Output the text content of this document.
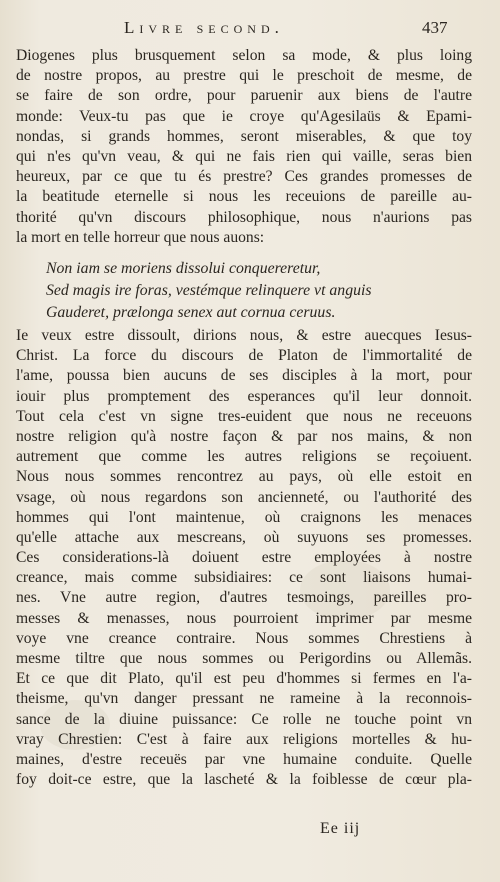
Livre second.	437
Diogenes plus brusquement selon sa mode, & plus loing
de nostre propos, au prestre qui le preschoit de mesme, de
se faire de son ordre, pour paruenir aux biens de l'autre
monde: Veux-tu pas que ie croye qu'Agesilaüs & Epami-
nondas, si grands hommes, seront miserables, & que toy
qui n'es qu'vn veau, & qui ne fais rien qui vaille, seras bien
heureux, par ce que tu és prestre? Ces grandes promesses de
la beatitude eternelle si nous les receuions de pareille au-
thorité qu'vn discours philosophique, nous n'aurions pas
la mort en telle horreur que nous auons:
Non iam se moriens dissolui conquereretur,
Sed magis ire foras, vestémque relinquere vt anguis
Gauderet, prælonga senex aut cornua ceruus.
Ie veux estre dissoult, dirions nous, & estre auecques Iesus-
Christ. La force du discours de Platon de l'immortalité de
l'ame, poussa bien aucuns de ses disciples à la mort, pour
iouir plus promptement des esperances qu'il leur donnoit.
Tout cela c'est vn signe tres-euident que nous ne receuons
nostre religion qu'à nostre façon & par nos mains, & non
autrement que comme les autres religions se reçoiuent.
Nous nous sommes rencontrez au pays, où elle estoit en
vsage, où nous regardons son ancienneté, ou l'authorité des
hommes qui l'ont maintenue, où craignons les menaces
qu'elle attache aux mescreans, où suyuons ses promesses.
Ces considerations-là doiuent estre employées à nostre
creance, mais comme subsidiaires: ce sont liaisons humai-
nes. Vne autre region, d'autres tesmoings, pareilles pro-
messes & menasses, nous pourroient imprimer par mesme
voye vne creance contraire. Nous sommes Chrestiens à
mesme tiltre que nous sommes ou Perigordins ou Allemãs.
Et ce que dit Plato, qu'il est peu d'hommes si fermes en l'a-
theisme, qu'vn danger pressant ne rameine à la reconnois-
sance de la diuine puissance: Ce rolle ne touche point vn
vray Chrestien: C'est à faire aux religions mortelles & hu-
maines, d'estre receuës par vne humaine conduite. Quelle
foy doit-ce estre, que la lascheté & la foiblesse de cœur pla-
Ee iij
